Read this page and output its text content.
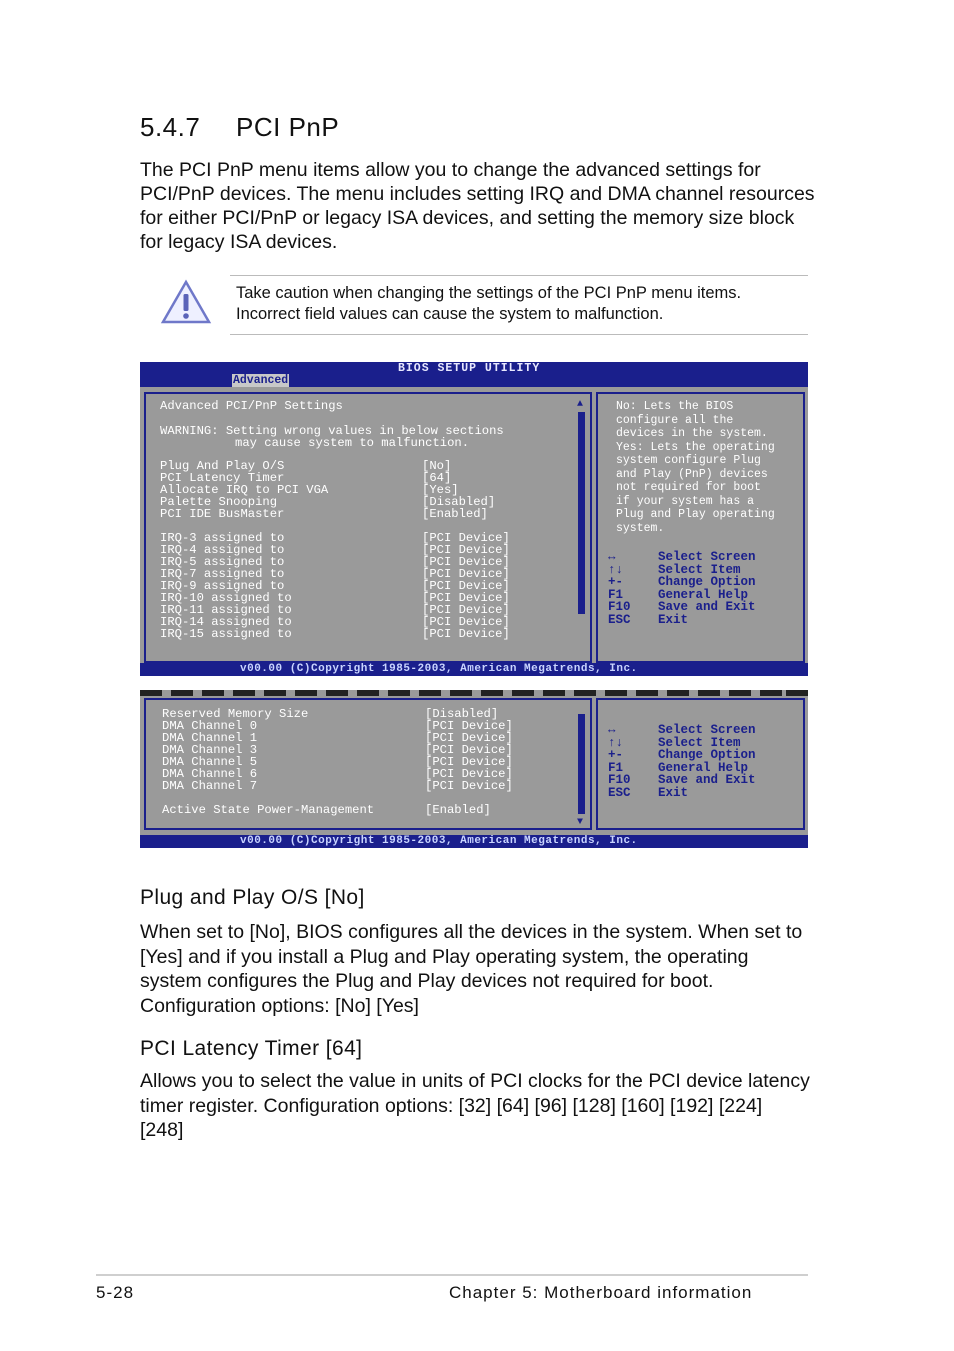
5.4.7 PCI PnP
The PCI PnP menu items allow you to change the advanced settings for PCI/PnP devices. The menu includes setting IRQ and DMA channel resources for either PCI/PnP or legacy ISA devices, and setting the memory size block for legacy ISA devices.
Take caution when changing the settings of the PCI PnP menu items. Incorrect field values can cause the system to malfunction.
BIOS SETUP UTILITY
Advanced
Advanced PCI/PnP Settings
WARNING: Setting wrong values in below sections
may cause system to malfunction.
Plug And Play O/S	[No]
PCI Latency Timer	[64]
Allocate IRQ to PCI VGA	[Yes]
Palette Snooping	[Disabled]
PCI IDE BusMaster	[Enabled]
IRQ-3 assigned to	[PCI Device]
IRQ-4 assigned to	[PCI Device]
IRQ-5 assigned to	[PCI Device]
IRQ-7 assigned to	[PCI Device]
IRQ-9 assigned to	[PCI Device]
IRQ-10 assigned to	[PCI Device]
IRQ-11 assigned to	[PCI Device]
IRQ-14 assigned to	[PCI Device]
IRQ-15 assigned to	[PCI Device]
▲	No: Lets the BIOS
configure all the
devices in the system.
Yes: Lets the operating
system configure Plug
and Play (PnP) devices
not required for boot
if your system has a
Plug and Play operating
system.
↔	Select Screen
↑↓	Select Item
+-	Change Option
F1	General Help
F10 Save and Exit
ESC Exit
v00.00 (C)Copyright 1985-2003, American Megatrends, Inc.
Reserved Memory Size	[Disabled]
DMA Channel 0	[PCI Device]
DMA Channel 1	[PCI Device]
DMA Channel 3	[PCI Device]
DMA Channel 5	[PCI Device]
DMA Channel 6	[PCI Device]
DMA Channel 7	[PCI Device]
Active State Power-Management	[Enabled]
▼
↔	Select Screen
↑↓	Select Item
+-	Change Option
F1	General Help
F10 Save and Exit
ESC Exit
v00.00 (C)Copyright 1985-2003, American Megatrends, Inc.
Plug and Play O/S [No]
When set to [No], BIOS configures all the devices in the system. When set to [Yes] and if you install a Plug and Play operating system, the operating system configures the Plug and Play devices not required for boot. Configuration options: [No] [Yes]
PCI Latency Timer [64]
Allows you to select the value in units of PCI clocks for the PCI device latency timer register. Configuration options: [32] [64] [96] [128] [160] [192] [224] [248]
5-28	Chapter 5: Motherboard information
